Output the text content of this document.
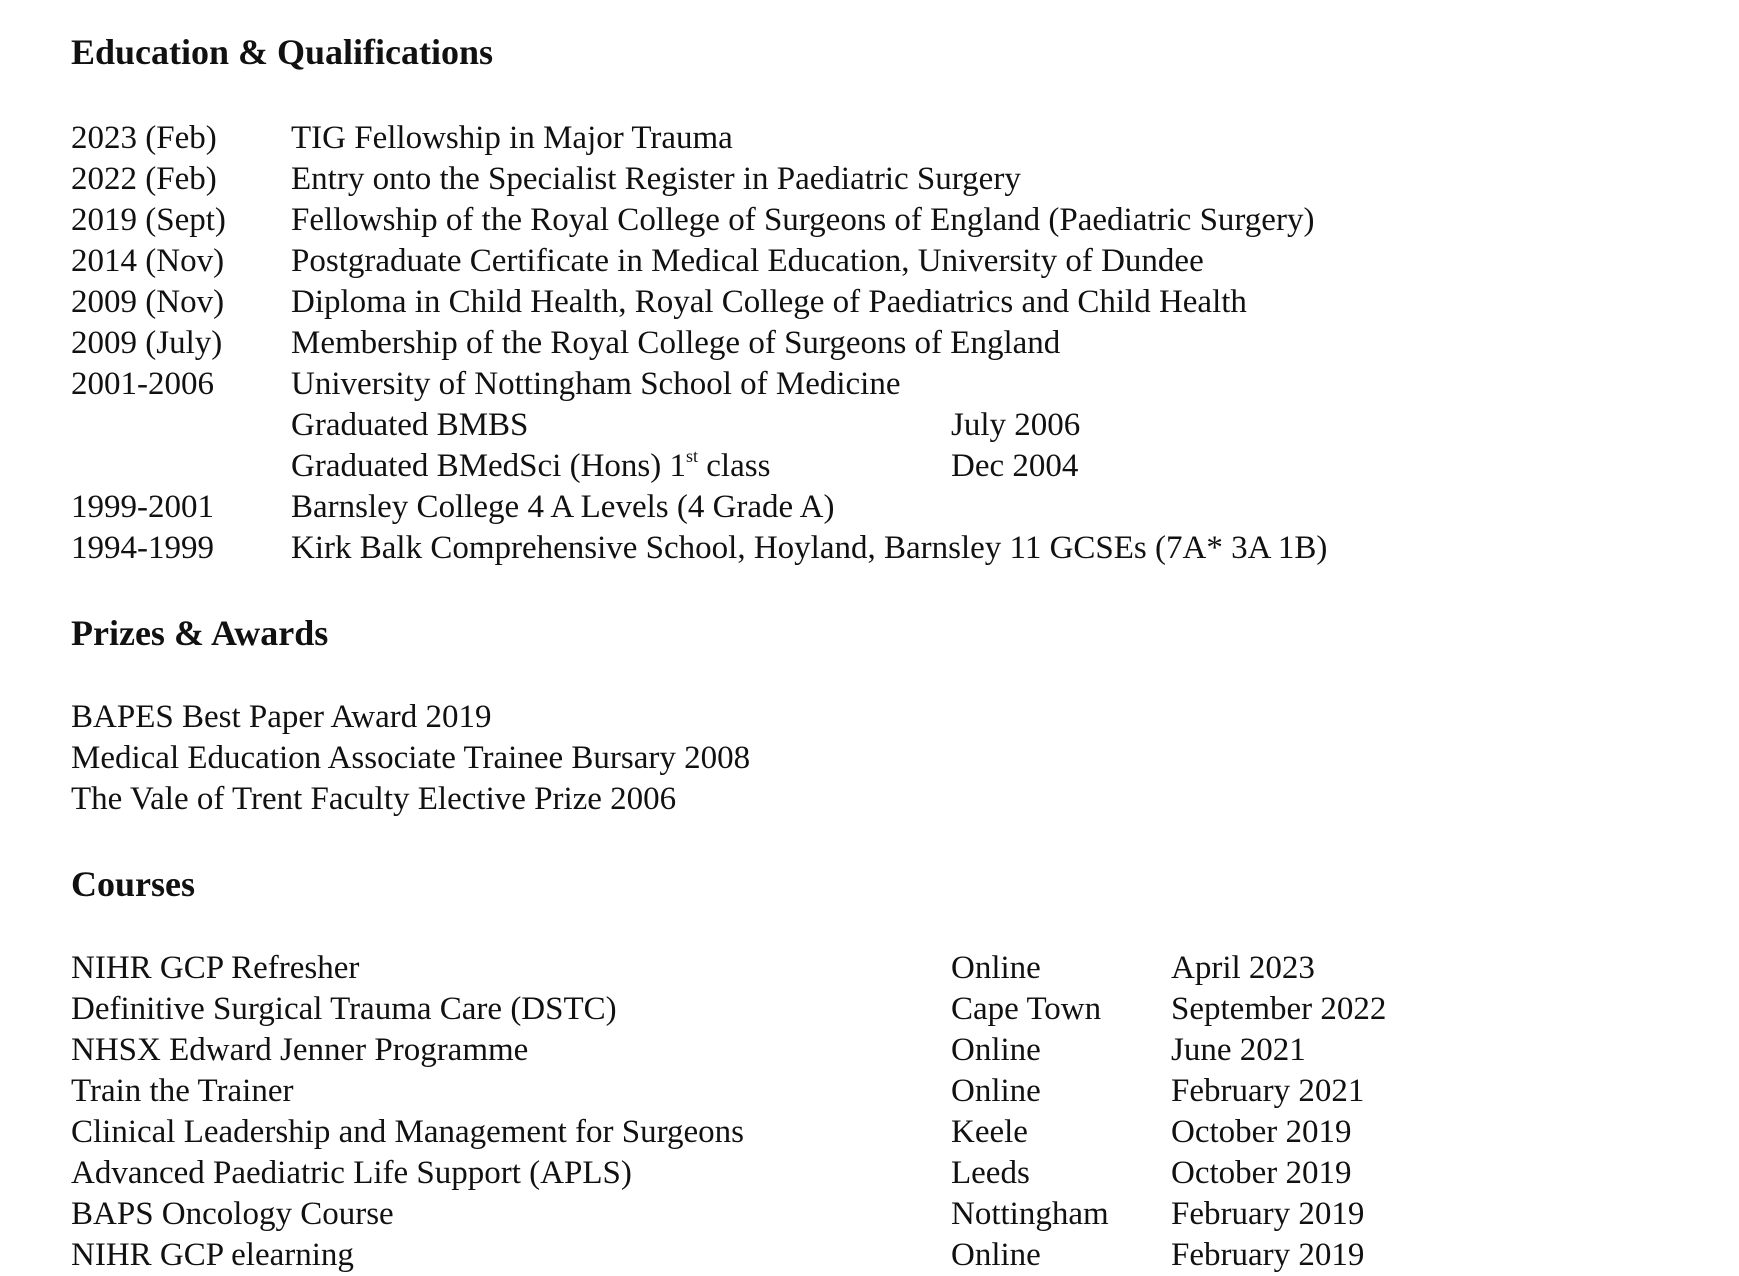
Education & Qualifications
2023 (Feb) TIG Fellowship in Major Trauma
2022 (Feb) Entry onto the Specialist Register in Paediatric Surgery
2019 (Sept) Fellowship of the Royal College of Surgeons of England (Paediatric Surgery)
2014 (Nov) Postgraduate Certificate in Medical Education, University of Dundee
2009 (Nov) Diploma in Child Health, Royal College of Paediatrics and Child Health
2009 (July) Membership of the Royal College of Surgeons of England
2001-2006 University of Nottingham School of Medicine
Graduated BMBS	July 2006
Graduated BMedSci (Hons) 1st class	Dec 2004
1999-2001 Barnsley College 4 A Levels (4 Grade A)
1994-1999 Kirk Balk Comprehensive School, Hoyland, Barnsley 11 GCSEs (7A* 3A 1B)
Prizes & Awards
BAPES Best Paper Award 2019
Medical Education Associate Trainee Bursary 2008
The Vale of Trent Faculty Elective Prize 2006
Courses
NIHR GCP Refresher	Online	April 2023
Definitive Surgical Trauma Care (DSTC)	Cape Town September 2022
NHSX Edward Jenner Programme	Online	June 2021
Train the Trainer	Online	February 2021
Clinical Leadership and Management for Surgeons	Keele	October 2019
Advanced Paediatric Life Support (APLS)	Leeds	October 2019
BAPS Oncology Course	Nottingham February 2019
NIHR GCP elearning	Online	February 2019
